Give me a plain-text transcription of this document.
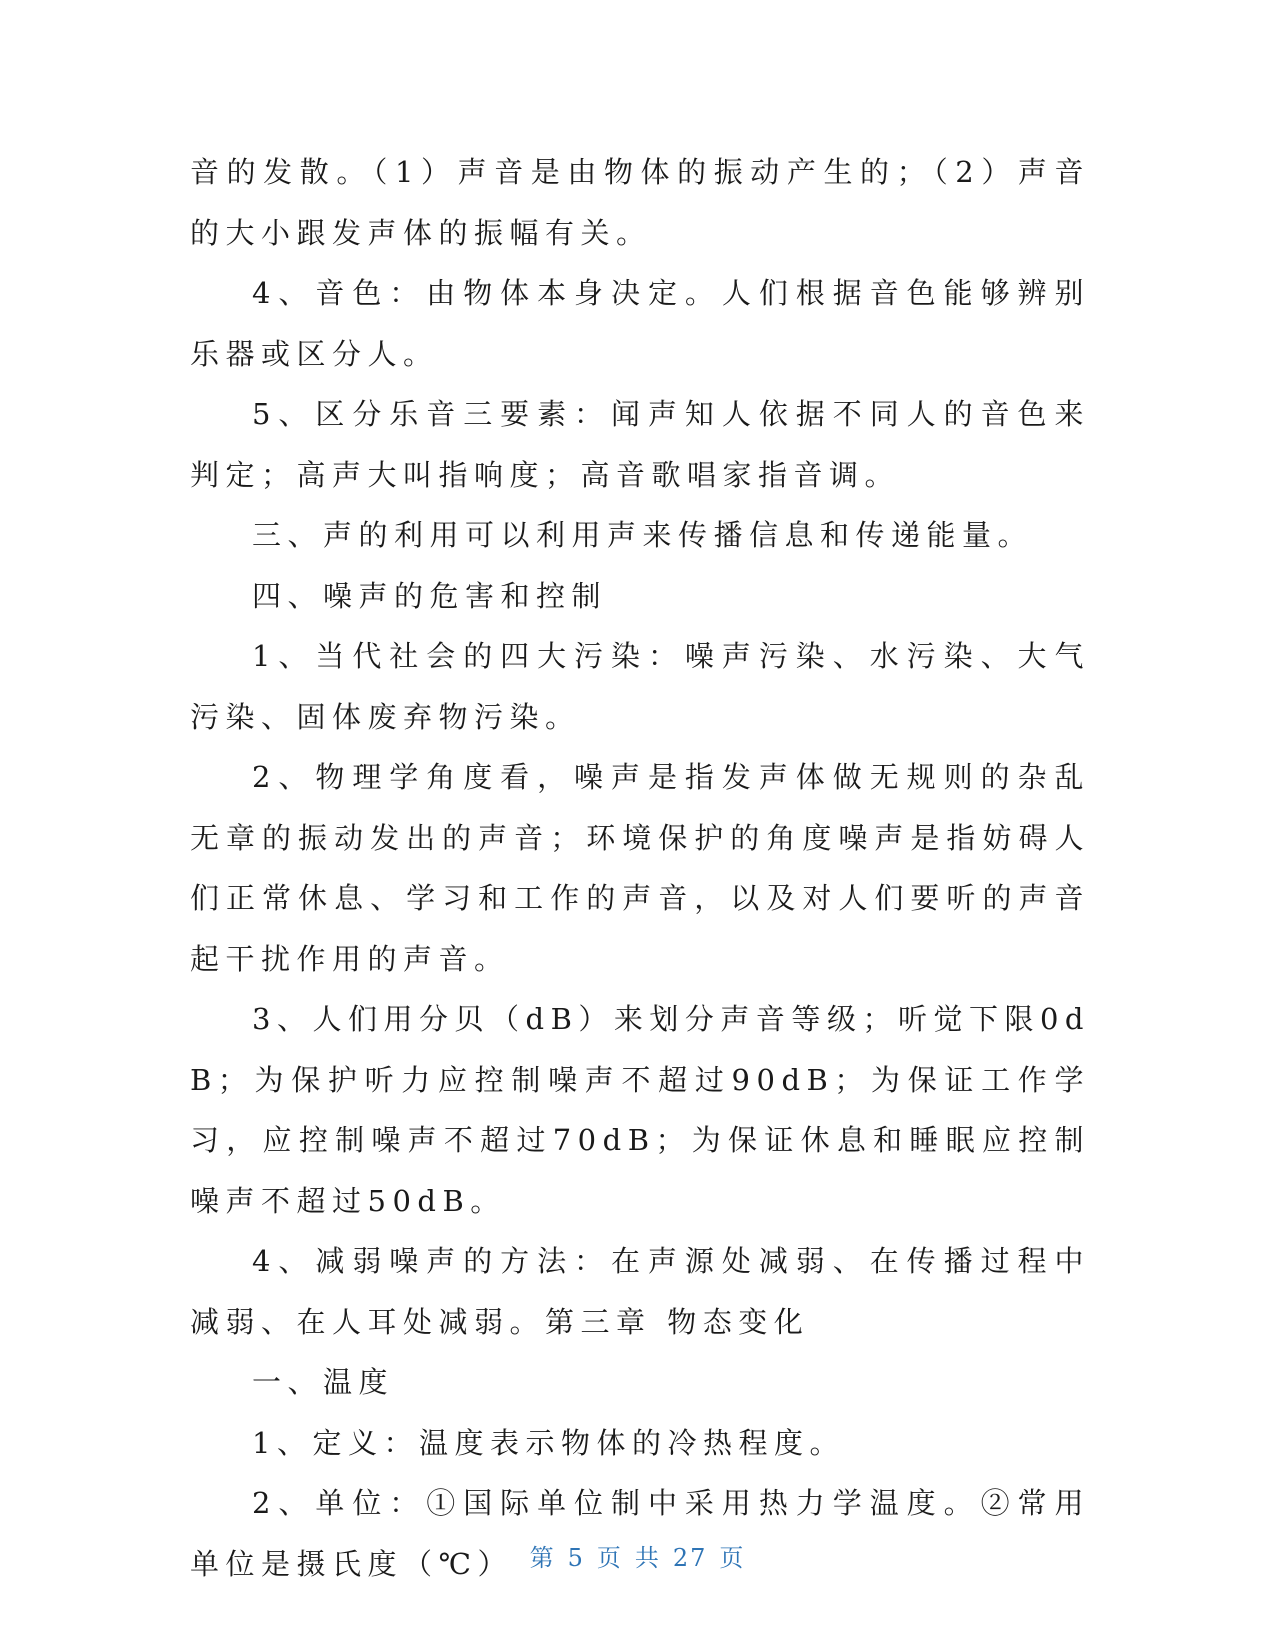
音的发散。（1）声音是由物体的振动产生的；（2）声音的大小跟发声体的振幅有关。

4、音色：由物体本身决定。人们根据音色能够辨别乐器或区分人。

5、区分乐音三要素：闻声知人依据不同人的音色来判定；高声大叫指响度；高音歌唱家指音调。

三、声的利用可以利用声来传播信息和传递能量。

四、噪声的危害和控制

1、当代社会的四大污染：噪声污染、水污染、大气污染、固体废弃物污染。

2、物理学角度看，噪声是指发声体做无规则的杂乱无章的振动发出的声音；环境保护的角度噪声是指妨碍人们正常休息、学习和工作的声音，以及对人们要听的声音起干扰作用的声音。

3、人们用分贝（dB）来划分声音等级；听觉下限0dB；为保护听力应控制噪声不超过90dB；为保证工作学习，应控制噪声不超过70dB；为保证休息和睡眠应控制噪声不超过50dB。

4、减弱噪声的方法：在声源处减弱、在传播过程中减弱、在人耳处减弱。第三章 物态变化

一、温度

1、定义：温度表示物体的冷热程度。

2、单位：①国际单位制中采用热力学温度。②常用单位是摄氏度（℃） 第 5 页 共 27 页
